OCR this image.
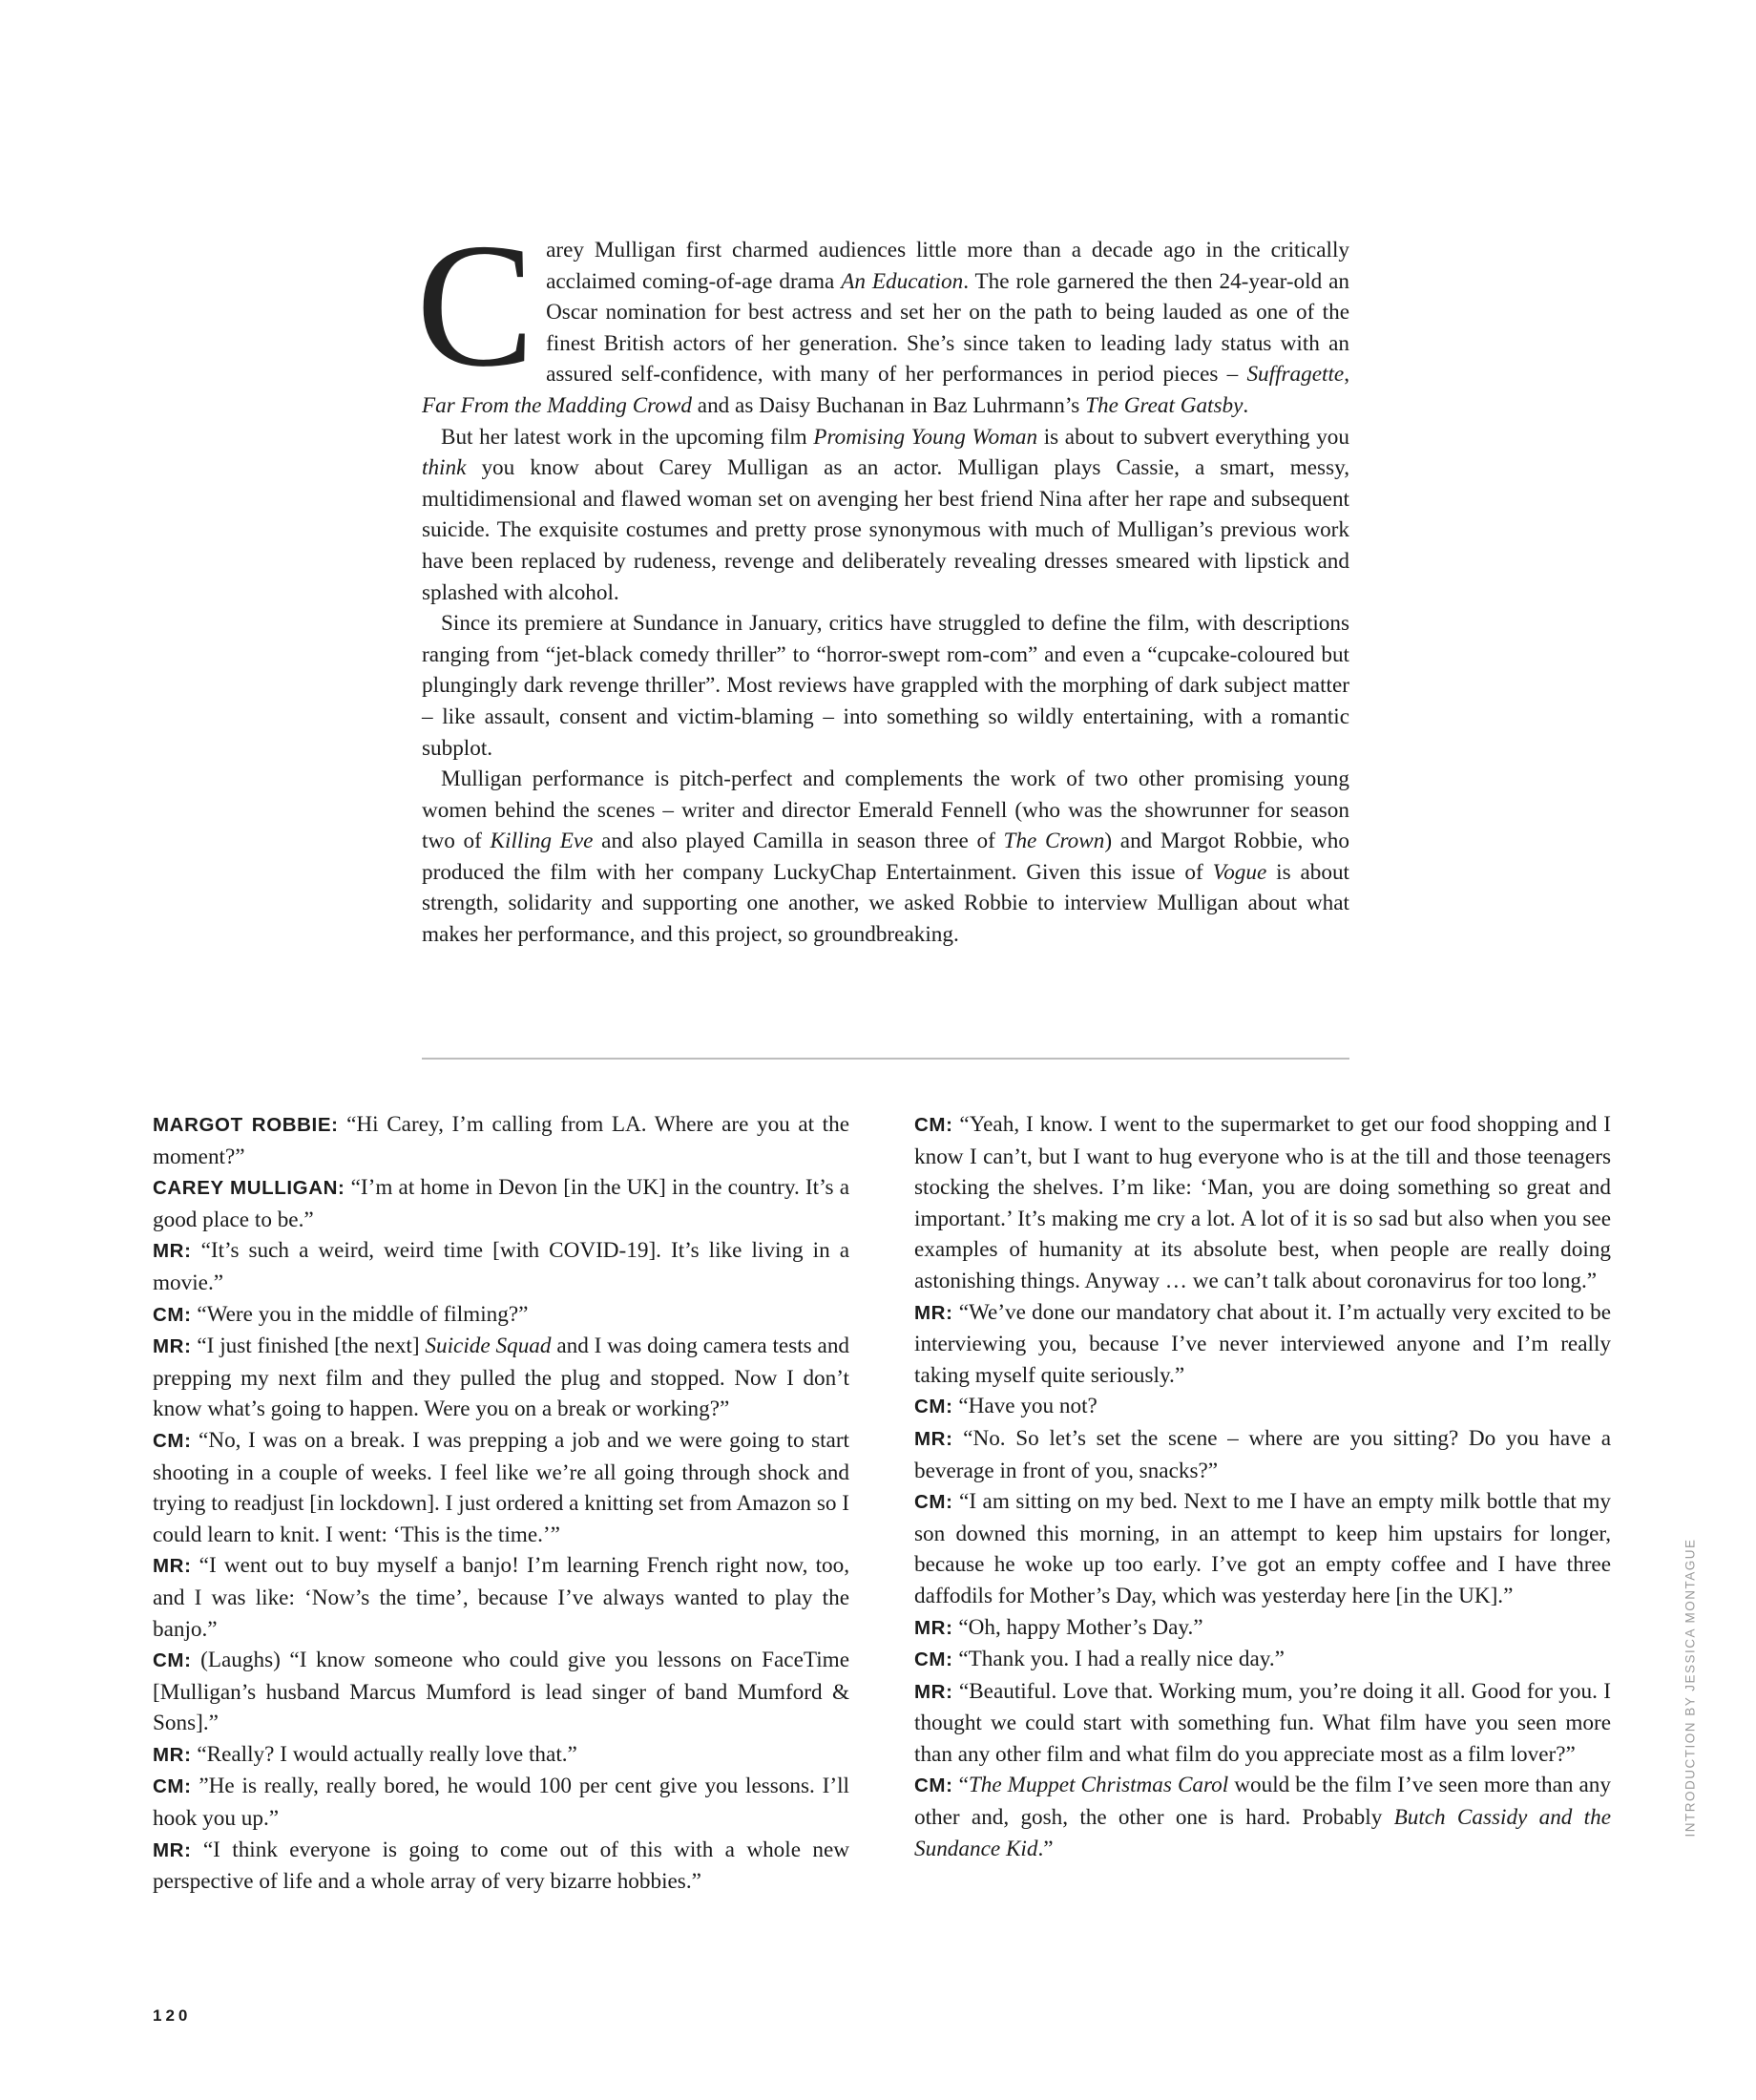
Carey Mulligan first charmed audiences little more than a decade ago in the critically acclaimed coming-of-age drama An Education. The role garnered the then 24-year-old an Oscar nomination for best actress and set her on the path to being lauded as one of the finest British actors of her generation. She’s since taken to leading lady status with an assured self-confidence, with many of her performances in period pieces – Suffragette, Far From the Madding Crowd and as Daisy Buchanan in Baz Luhrmann’s The Great Gatsby.

But her latest work in the upcoming film Promising Young Woman is about to subvert everything you think you know about Carey Mulligan as an actor. Mulligan plays Cassie, a smart, messy, multidimensional and flawed woman set on avenging her best friend Nina after her rape and subsequent suicide. The exquisite costumes and pretty prose synonymous with much of Mulligan’s previous work have been replaced by rudeness, revenge and deliberately revealing dresses smeared with lipstick and splashed with alcohol.

Since its premiere at Sundance in January, critics have struggled to define the film, with descriptions ranging from “jet-black comedy thriller” to “horror-swept rom-com” and even a “cupcake-coloured but plungingly dark revenge thriller”. Most reviews have grappled with the morphing of dark subject matter – like assault, consent and victim-blaming – into something so wildly entertaining, with a romantic subplot.

Mulligan performance is pitch-perfect and complements the work of two other promising young women behind the scenes – writer and director Emerald Fennell (who was the showrunner for season two of Killing Eve and also played Camilla in season three of The Crown) and Margot Robbie, who produced the film with her company LuckyChap Entertainment. Given this issue of Vogue is about strength, solidarity and supporting one another, we asked Robbie to interview Mulligan about what makes her performance, and this project, so groundbreaking.

MARGOT ROBBIE: “Hi Carey, I’m calling from LA. Where are you at the moment?”

CAREY MULLIGAN: “I’m at home in Devon [in the UK] in the country. It’s a good place to be.”

MR: “It’s such a weird, weird time [with COVID-19]. It’s like living in a movie.”

CM: “Were you in the middle of filming?”

MR: “I just finished [the next] Suicide Squad and I was doing camera tests and prepping my next film and they pulled the plug and stopped. Now I don’t know what’s going to happen. Were you on a break or working?”

CM: “No, I was on a break. I was prepping a job and we were going to start shooting in a couple of weeks. I feel like we’re all going through shock and trying to readjust [in lockdown]. I just ordered a knitting set from Amazon so I could learn to knit. I went: ‘This is the time.’”

MR: “I went out to buy myself a banjo! I’m learning French right now, too, and I was like: ‘Now’s the time’, because I’ve always wanted to play the banjo.”

CM: (Laughs) “I know someone who could give you lessons on FaceTime [Mulligan’s husband Marcus Mumford is lead singer of band Mumford & Sons].”

MR: “Really? I would actually really love that.”

CM: ”He is really, really bored, he would 100 per cent give you lessons. I’ll hook you up.”

MR: “I think everyone is going to come out of this with a whole new perspective of life and a whole array of very bizarre hobbies.”

CM: “Yeah, I know. I went to the supermarket to get our food shopping and I know I can’t, but I want to hug everyone who is at the till and those teenagers stocking the shelves. I’m like: ‘Man, you are doing something so great and important.’ It’s making me cry a lot. A lot of it is so sad but also when you see examples of humanity at its absolute best, when people are really doing astonishing things. Anyway … we can’t talk about coronavirus for too long.”

MR: “We’ve done our mandatory chat about it. I’m actually very excited to be interviewing you, because I’ve never interviewed anyone and I’m really taking myself quite seriously.”

CM: “Have you not?

MR: “No. So let’s set the scene – where are you sitting? Do you have a beverage in front of you, snacks?”

CM: “I am sitting on my bed. Next to me I have an empty milk bottle that my son downed this morning, in an attempt to keep him upstairs for longer, because he woke up too early. I’ve got an empty coffee and I have three daffodils for Mother’s Day, which was yesterday here [in the UK].”

MR: “Oh, happy Mother’s Day.”

CM: “Thank you. I had a really nice day.”

MR: “Beautiful. Love that. Working mum, you’re doing it all. Good for you. I thought we could start with something fun. What film have you seen more than any other film and what film do you appreciate most as a film lover?”

CM: “The Muppet Christmas Carol would be the film I’ve seen more than any other and, gosh, the other one is hard. Probably Butch Cassidy and the Sundance Kid.”

120
INTRODUCTION BY JESSICA MONTAGUE
